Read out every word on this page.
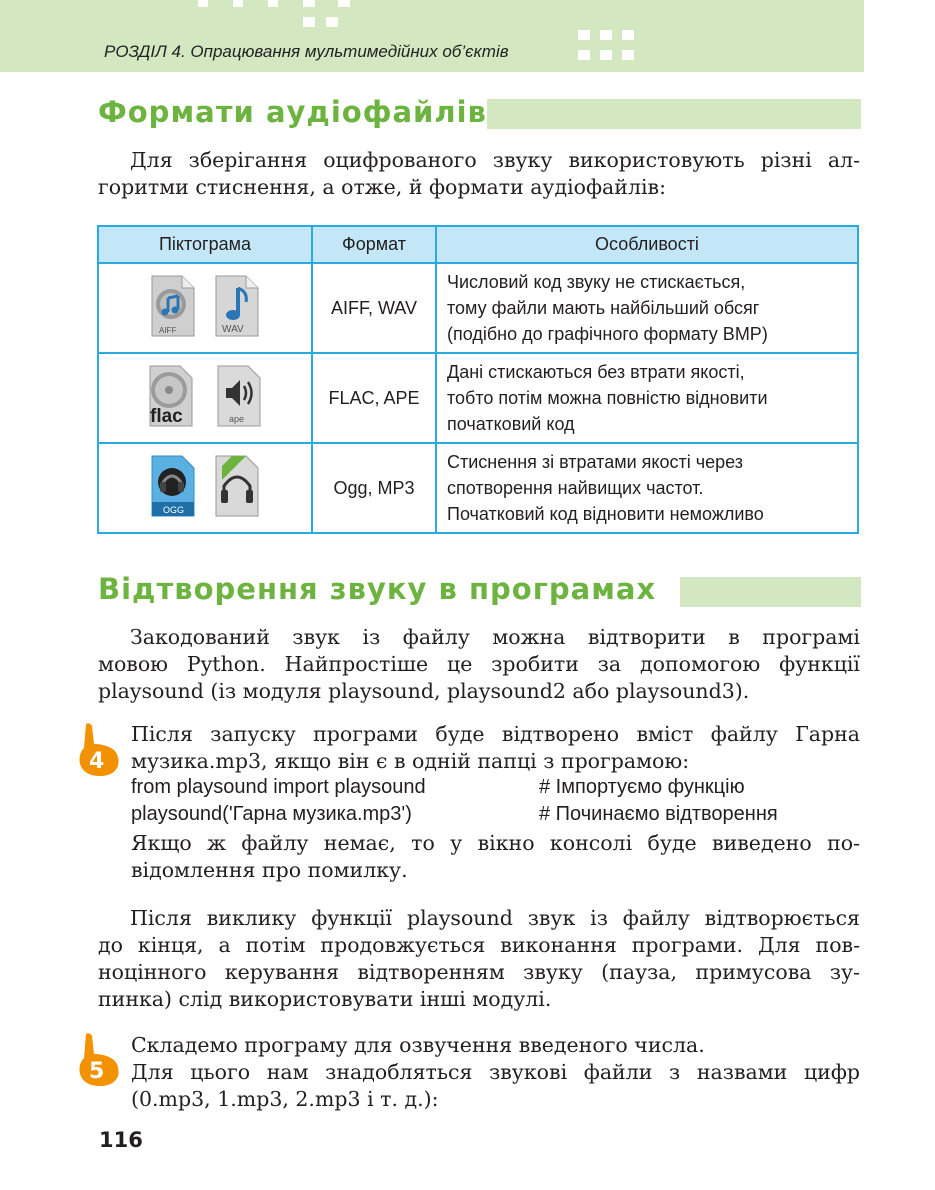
РОЗДІЛ 4. Опрацювання мультимедійних об’єктів
Формати аудіофайлів
Для зберігання оцифрованого звуку використовують різні ал-
горитми стиснення, а отже, й формати аудіофайлів:
Піктограма	Формат	Особливості

AIFF
WAV	AIFF, WAV	Числовий код звуку не стискається,
тому файли мають найбільший обсяг
(подібно до графічного формату BMP)

flac
ape	FLAC, APE	Дані стискаються без втрати якості,
тобто потім можна повністю відновити
початковий код

OGG	Ogg, MP3	Стиснення зі втратами якості через
спотворення найвищих частот.
Початковий код відновити неможливо
Відтворення звуку в програмах
Закодований звук із файлу можна відтворити в програмі
мовою Python. Найпростіше це зробити за допомогою функції
playsound (із модуля playsound, playsound2 або playsound3).
4
Після запуску програми буде відтворено вміст файлу Гарна
музика.mp3, якщо він є в одній папці з програмою:
from playsound import playsound	# Імпортуємо функцію
playsound('Гарна музика.mp3')	# Починаємо відтворення
Якщо ж файлу немає, то у вікно консолі буде виведено по-
відомлення про помилку.
Після виклику функції playsound звук із файлу відтворюється
до кінця, а потім продовжується виконання програми. Для пов-
ноцінного керування відтворенням звуку (пауза, примусова зу-
пинка) слід використовувати інші модулі.
5
Складемо програму для озвучення введеного числа.
Для цього нам знадобляться звукові файли з назвами цифр
(0.mp3, 1.mp3, 2.mp3 і т. д.):
116
